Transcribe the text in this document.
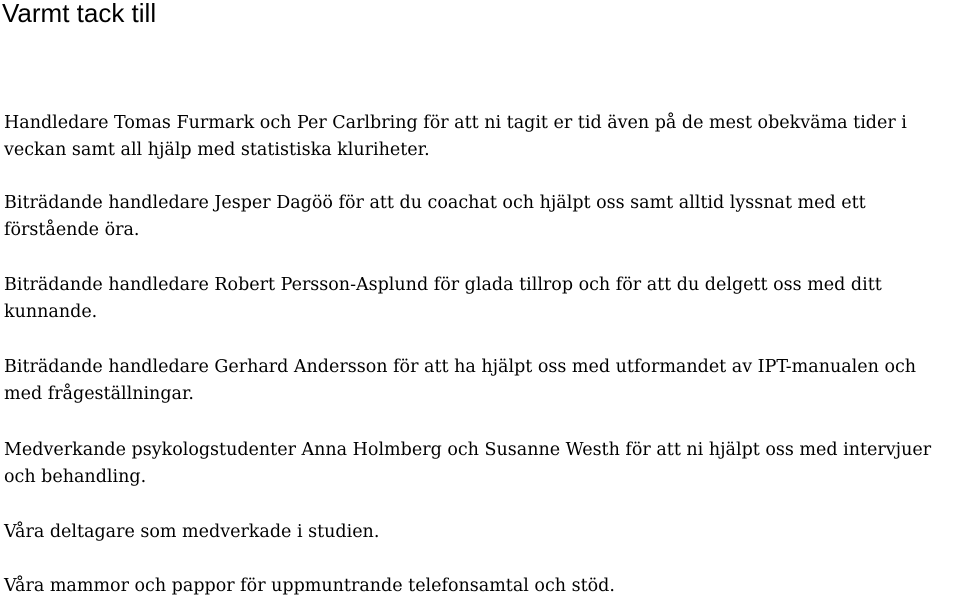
Varmt tack till

Handledare Tomas Furmark och Per Carlbring för att ni tagit er tid även på de mest obekväma tider i veckan samt all hjälp med statistiska kluriheter.

Biträdande handledare Jesper Dagöö för att du coachat och hjälpt oss samt alltid lyssnat med ett förstående öra.

Biträdande handledare Robert Persson-Asplund för glada tillrop och för att du delgett oss med ditt kunnande.

Biträdande handledare Gerhard Andersson för att ha hjälpt oss med utformandet av IPT-manualen och med frågeställningar.

Medverkande psykologstudenter Anna Holmberg och Susanne Westh för att ni hjälpt oss med intervjuer och behandling.

Våra deltagare som medverkade i studien.

Våra mammor och pappor för uppmuntrande telefonsamtal och stöd.
